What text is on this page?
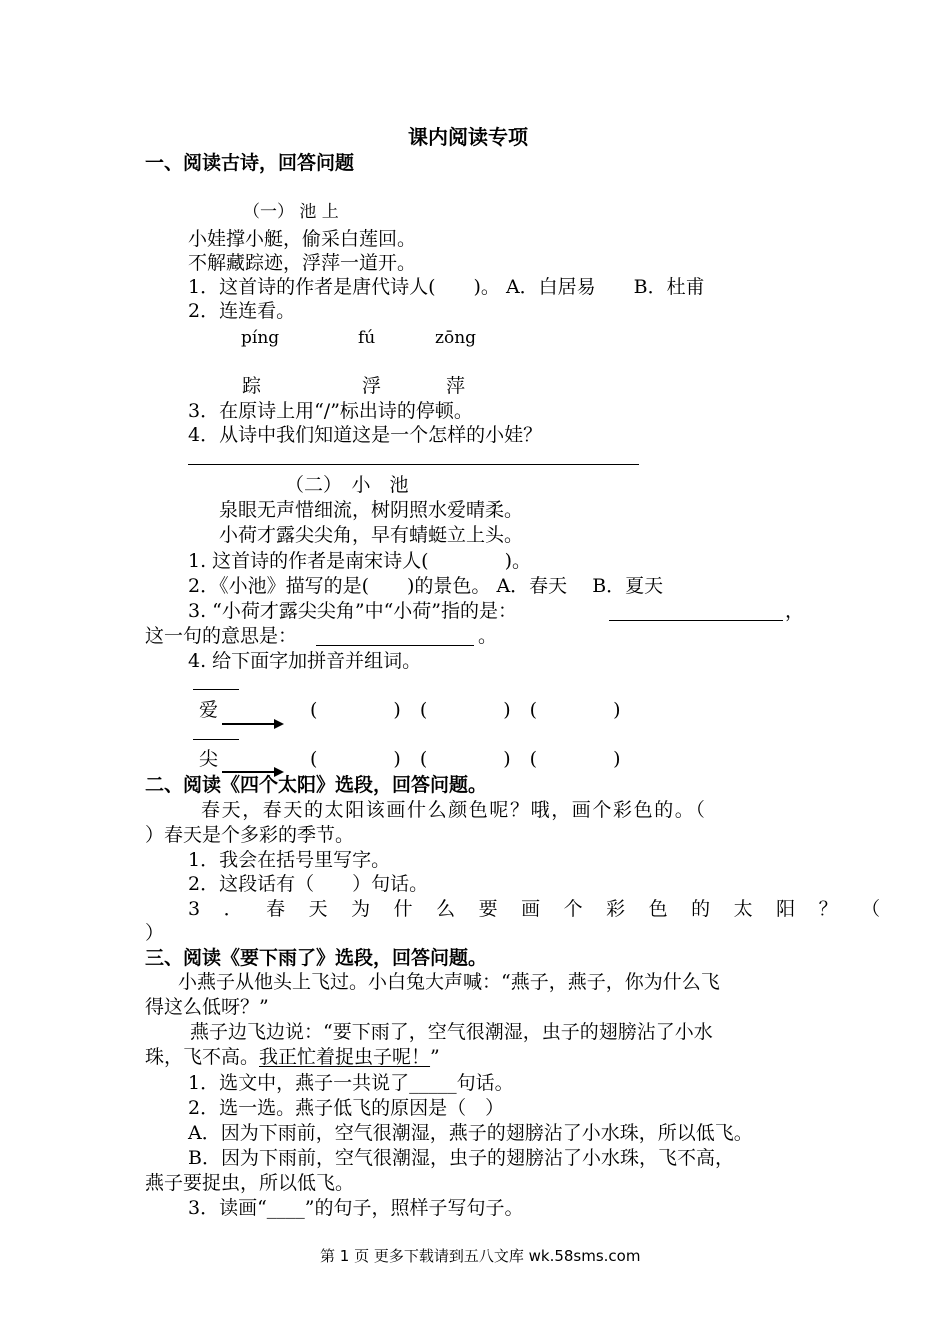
课内阅读专项
一、阅读古诗，回答问题
（一） 池 上
小娃撑小艇，偷采白莲回。
不解藏踪迹，浮萍一道开。
1．这首诗的作者是唐代诗人(　　)。 A．白居易　　B．杜甫
2．连连看。
píng	fú	zōng
踪	浮	萍
3．在原诗上用“/”标出诗的停顿。
4．从诗中我们知道这是一个怎样的小娃？
（二）　小　池
泉眼无声惜细流，树阴照水爱晴柔。
小荷才露尖尖角，早有蜻蜓立上头。
1. 这首诗的作者是南宋诗人(　　　　)。
2．《小池》描写的是(　　)的景色。 A．春天　 B．夏天
3. “小荷才露尖尖角”中“小荷”指的是：	，
这一句的意思是：	。
4. 给下面字加拼音并组词。
爱	(　　　　)　(　　　　)　(　　　　)
尖	(　　　　)　(　　　　)　(　　　　)
二、阅读《四个太阳》选段，回答问题。
春天，春天的太阳该画什么颜色呢？哦，画个彩色的。（
）春天是个多彩的季节。
1．我会在括号里写字。
2．这段话有（　　）句话。
3．春天为什么要画个彩色的太阳？（
）
三、阅读《要下雨了》选段，回答问题。
小燕子从他头上飞过。小白兔大声喊：“燕子，燕子，你为什么飞
得这么低呀？”
燕子边飞边说：“要下雨了，空气很潮湿，虫子的翅膀沾了小水
珠，飞不高。我正忙着捉虫子呢！”
1．选文中，燕子一共说了_____句话。
2．选一选。燕子低飞的原因是（　）
A．因为下雨前，空气很潮湿，燕子的翅膀沾了小水珠，所以低飞。
B．因为下雨前，空气很潮湿，虫子的翅膀沾了小水珠，飞不高，
燕子要捉虫，所以低飞。
3．读画“____”的句子，照样子写句子。
第 1 页 更多下载请到五八文库 wk.58sms.com
